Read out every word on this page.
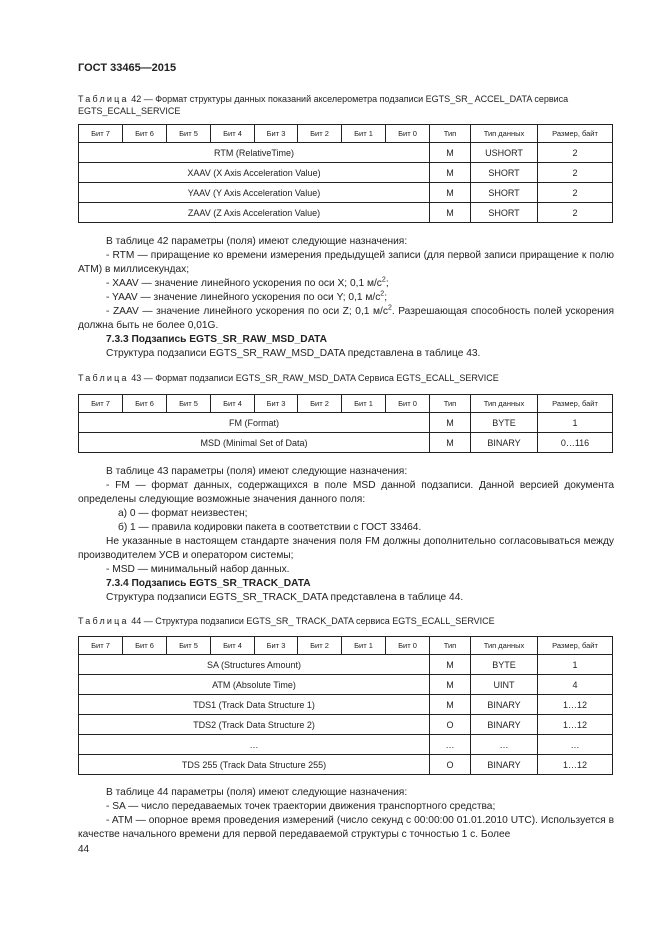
ГОСТ 33465—2015
Таблица 42 — Формат структуры данных показаний акселерометра подзаписи EGTS_SR_ ACCEL_DATA сервиса EGTS_ECALL_SERVICE
Бит 7	Бит 6	Бит 5	Бит 4	Бит 3	Бит 2	Бит 1	Бит 0	Тип	Тип данных	Размер, байт
RTM (RelativeTime)								M	USHORT	2
XAAV (X Axis Acceleration Value)								M	SHORT	2
YAAV (Y Axis Acceleration Value)								M	SHORT	2
ZAAV (Z Axis Acceleration Value)								M	SHORT	2

В таблице 42 параметры (поля) имеют следующие назначения:

- RTM — приращение ко времени измерения предыдущей записи (для первой записи приращение к полю ATM) в миллисекундах;

- XAAV — значение линейного ускорения по оси X; 0,1 $м/с^2$;

- YAAV — значение линейного ускорения по оси Y; 0,1 $м/с^2$;

- ZAAV — значение линейного ускорения по оси Z; 0,1 $м/с^2$. Разрешающая способность полей ускорения должна быть не более 0,01G.

7.3.3 Подзапись EGTS_SR_RAW_MSD_DATA

Структура подзаписи EGTS_SR_RAW_MSD_DATA представлена в таблице 43.

Таблица 43 — Формат подзаписи EGTS_SR_RAW_MSD_DATA Сервиса EGTS_ECALL_SERVICE
Бит 7	Бит 6	Бит 5	Бит 4	Бит 3	Бит 2	Бит 1	Бит 0	Тип	Тип данных	Размер, байт
FM (Format)								M	BYTE	1
MSD (Minimal Set of Data)								M	BINARY	0…116

В таблице 43 параметры (поля) имеют следующие назначения:

- FM — формат данных, содержащихся в поле MSD данной подзаписи. Данной версией документа определены следующие возможные значения данного поля:

а) 0 — формат неизвестен;

б) 1 — правила кодировки пакета в соответствии с ГОСТ 33464.

Не указанные в настоящем стандарте значения поля FM должны дополнительно согласовываться между производителем УСВ и оператором системы;

- MSD — минимальный набор данных.

7.3.4 Подзапись EGTS_SR_TRACK_DATA

Структура подзаписи EGTS_SR_TRACK_DATA представлена в таблице 44.

Таблица 44 — Структура подзаписи EGTS_SR_ TRACK_DATA сервиса EGTS_ECALL_SERVICE
Бит 7	Бит 6	Бит 5	Бит 4	Бит 3	Бит 2	Бит 1	Бит 0	Тип	Тип данных	Размер, байт
SA (Structures Amount)								M	BYTE	1
ATM (Absolute Time)								M	UINT	4
TDS1 (Track Data Structure 1)								M	BINARY	1…12
TDS2 (Track Data Structure 2)								O	BINARY	1…12
…								…	…	…
TDS 255 (Track Data Structure 255)								O	BINARY	1…12

В таблице 44 параметры (поля) имеют следующие назначения:

- SA — число передаваемых точек траектории движения транспортного средства;

- ATM — опорное время проведения измерений (число секунд с 00:00:00 01.01.2010 UTC). Используется в качестве начального времени для первой передаваемой структуры с точностью 1 с. Более

44
